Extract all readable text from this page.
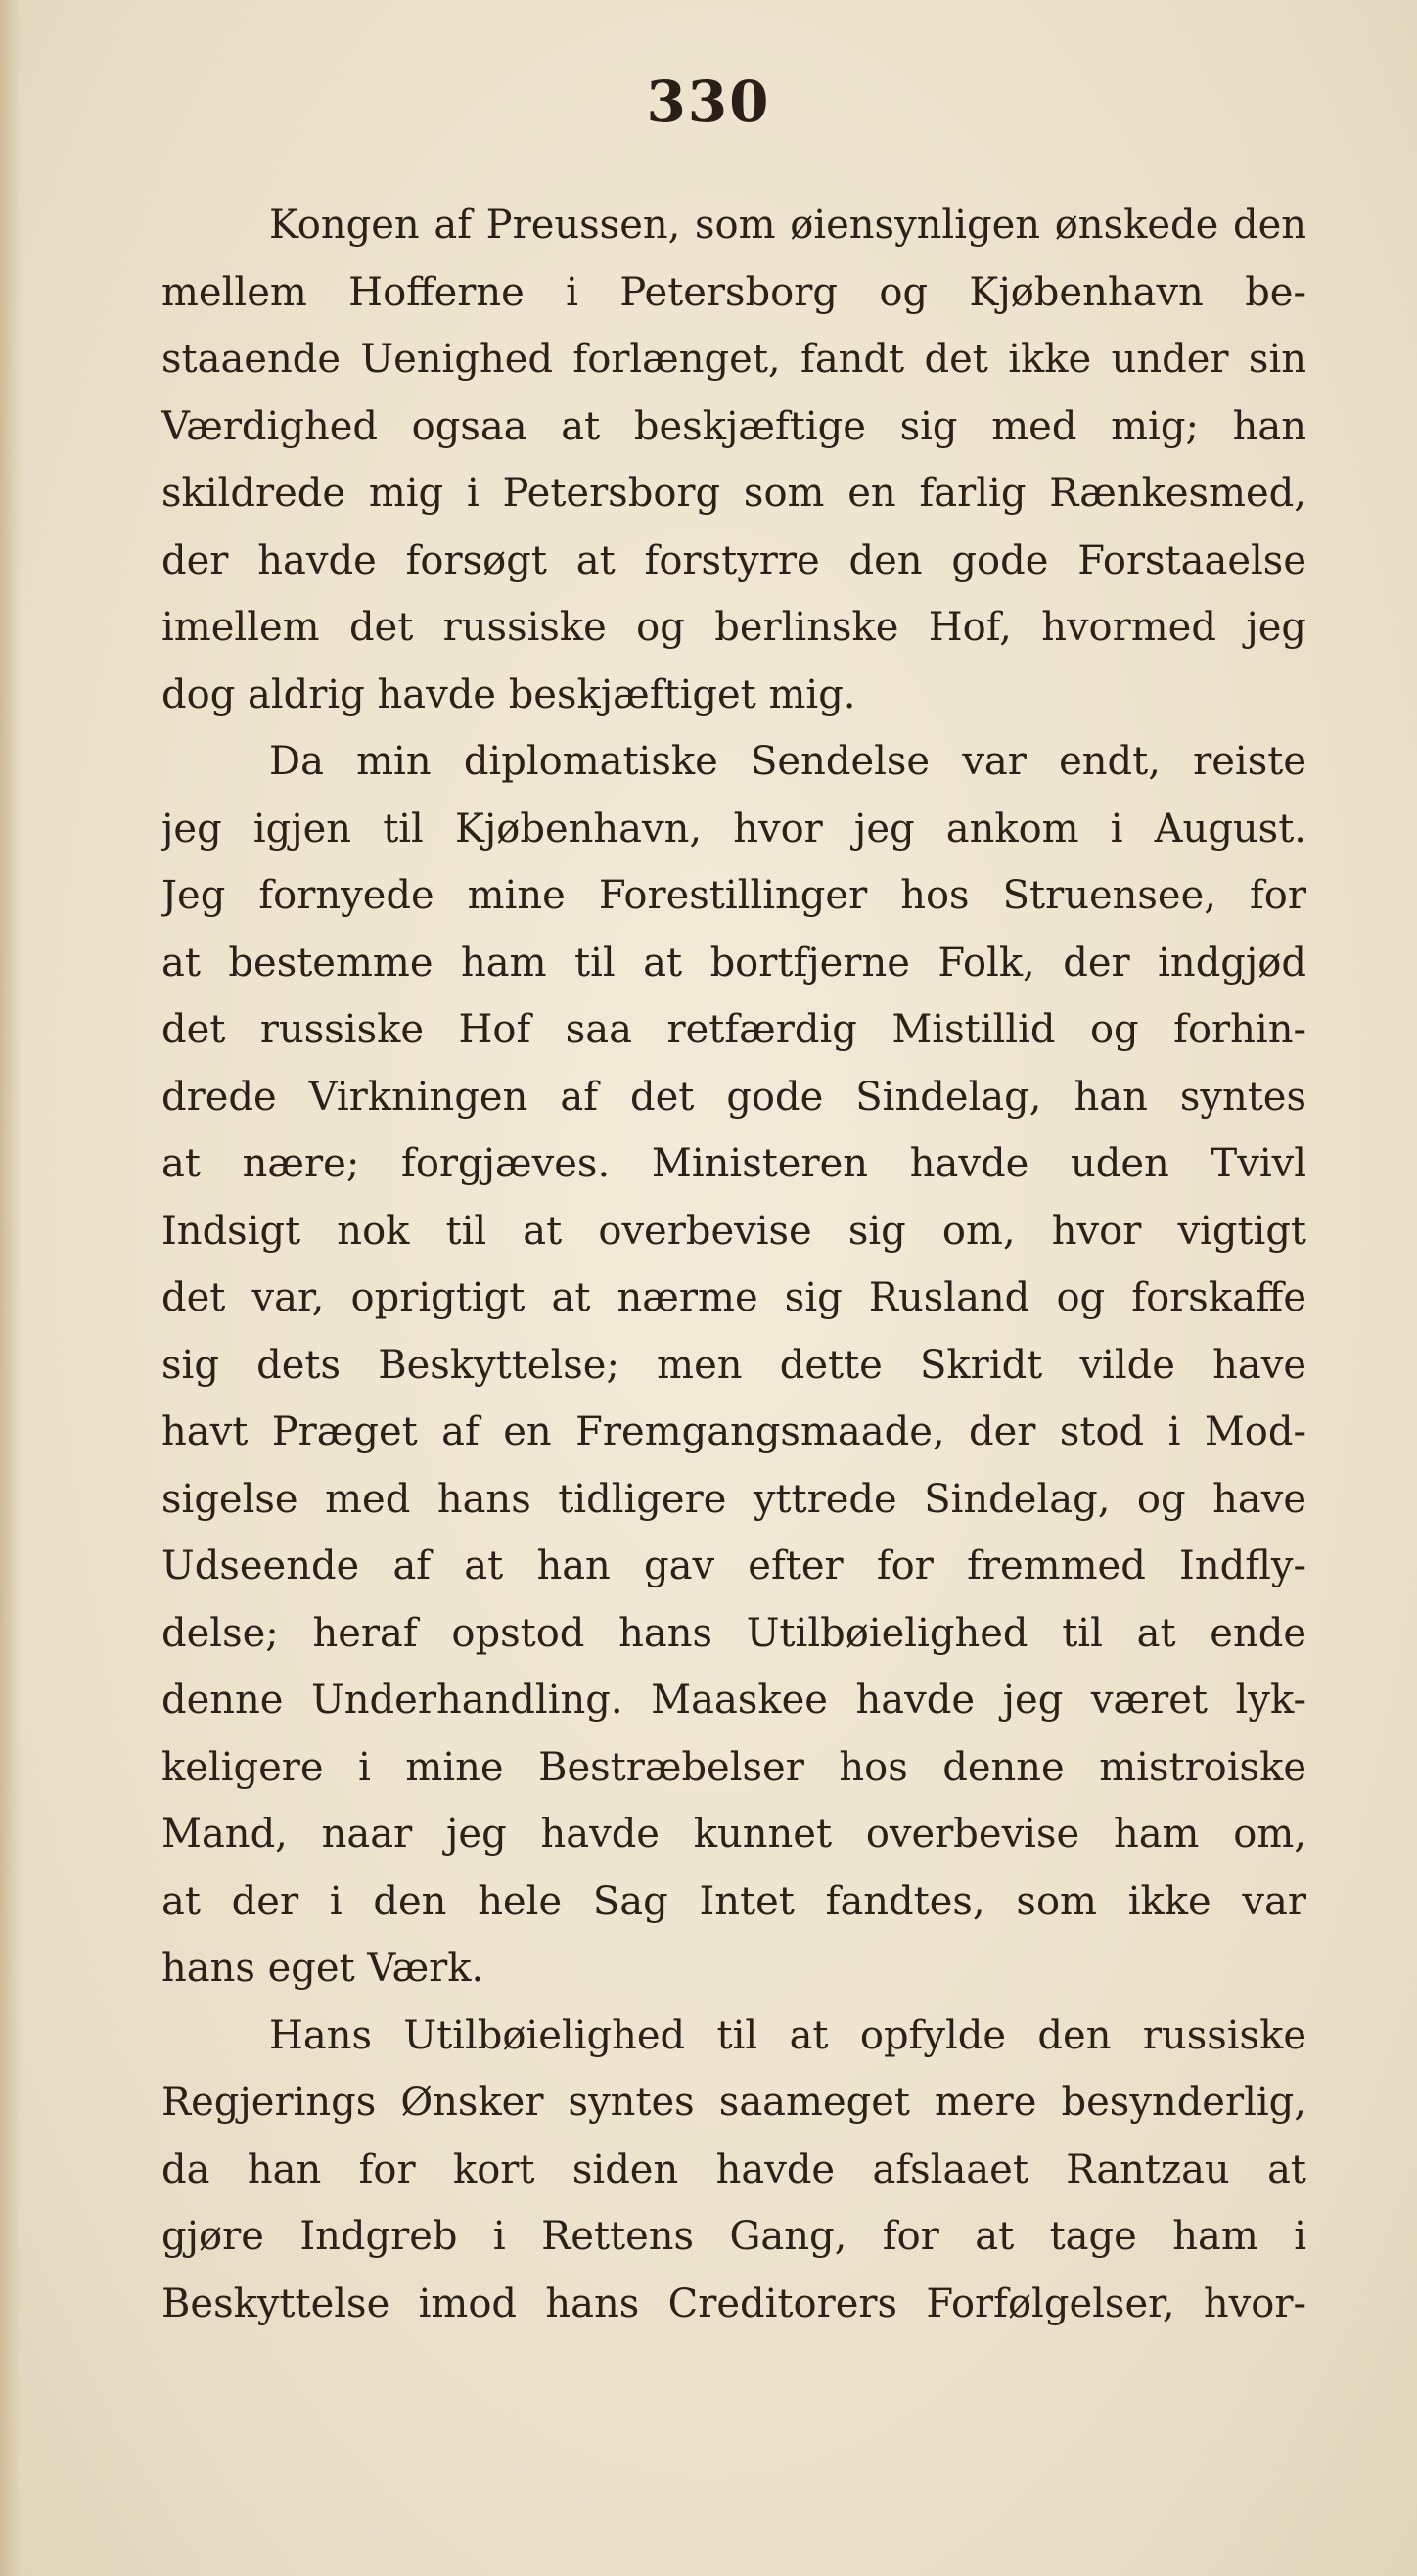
330
Kongen af Preussen, som øiensynligen ønskede den
mellem Hofferne i Petersborg og Kjøbenhavn be-
staaende Uenighed forlænget, fandt det ikke under sin
Værdighed ogsaa at beskjæftige sig med mig; han
skildrede mig i Petersborg som en farlig Rænkesmed,
der havde forsøgt at forstyrre den gode Forstaaelse
imellem det russiske og berlinske Hof, hvormed jeg
dog aldrig havde beskjæftiget mig.
Da min diplomatiske Sendelse var endt, reiste
jeg igjen til Kjøbenhavn, hvor jeg ankom i August.
Jeg fornyede mine Forestillinger hos Struensee, for
at bestemme ham til at bortfjerne Folk, der indgjød
det russiske Hof saa retfærdig Mistillid og forhin-
drede Virkningen af det gode Sindelag, han syntes
at nære; forgjæves. Ministeren havde uden Tvivl
Indsigt nok til at overbevise sig om, hvor vigtigt
det var, oprigtigt at nærme sig Rusland og forskaffe
sig dets Beskyttelse; men dette Skridt vilde have
havt Præget af en Fremgangsmaade, der stod i Mod-
sigelse med hans tidligere yttrede Sindelag, og have
Udseende af at han gav efter for fremmed Indfly-
delse; heraf opstod hans Utilbøielighed til at ende
denne Underhandling. Maaskee havde jeg været lyk-
keligere i mine Bestræbelser hos denne mistroiske
Mand, naar jeg havde kunnet overbevise ham om,
at der i den hele Sag Intet fandtes, som ikke var
hans eget Værk.
Hans Utilbøielighed til at opfylde den russiske
Regjerings Ønsker syntes saameget mere besynderlig,
da han for kort siden havde afslaaet Rantzau at
gjøre Indgreb i Rettens Gang, for at tage ham i
Beskyttelse imod hans Creditorers Forfølgelser, hvor-
